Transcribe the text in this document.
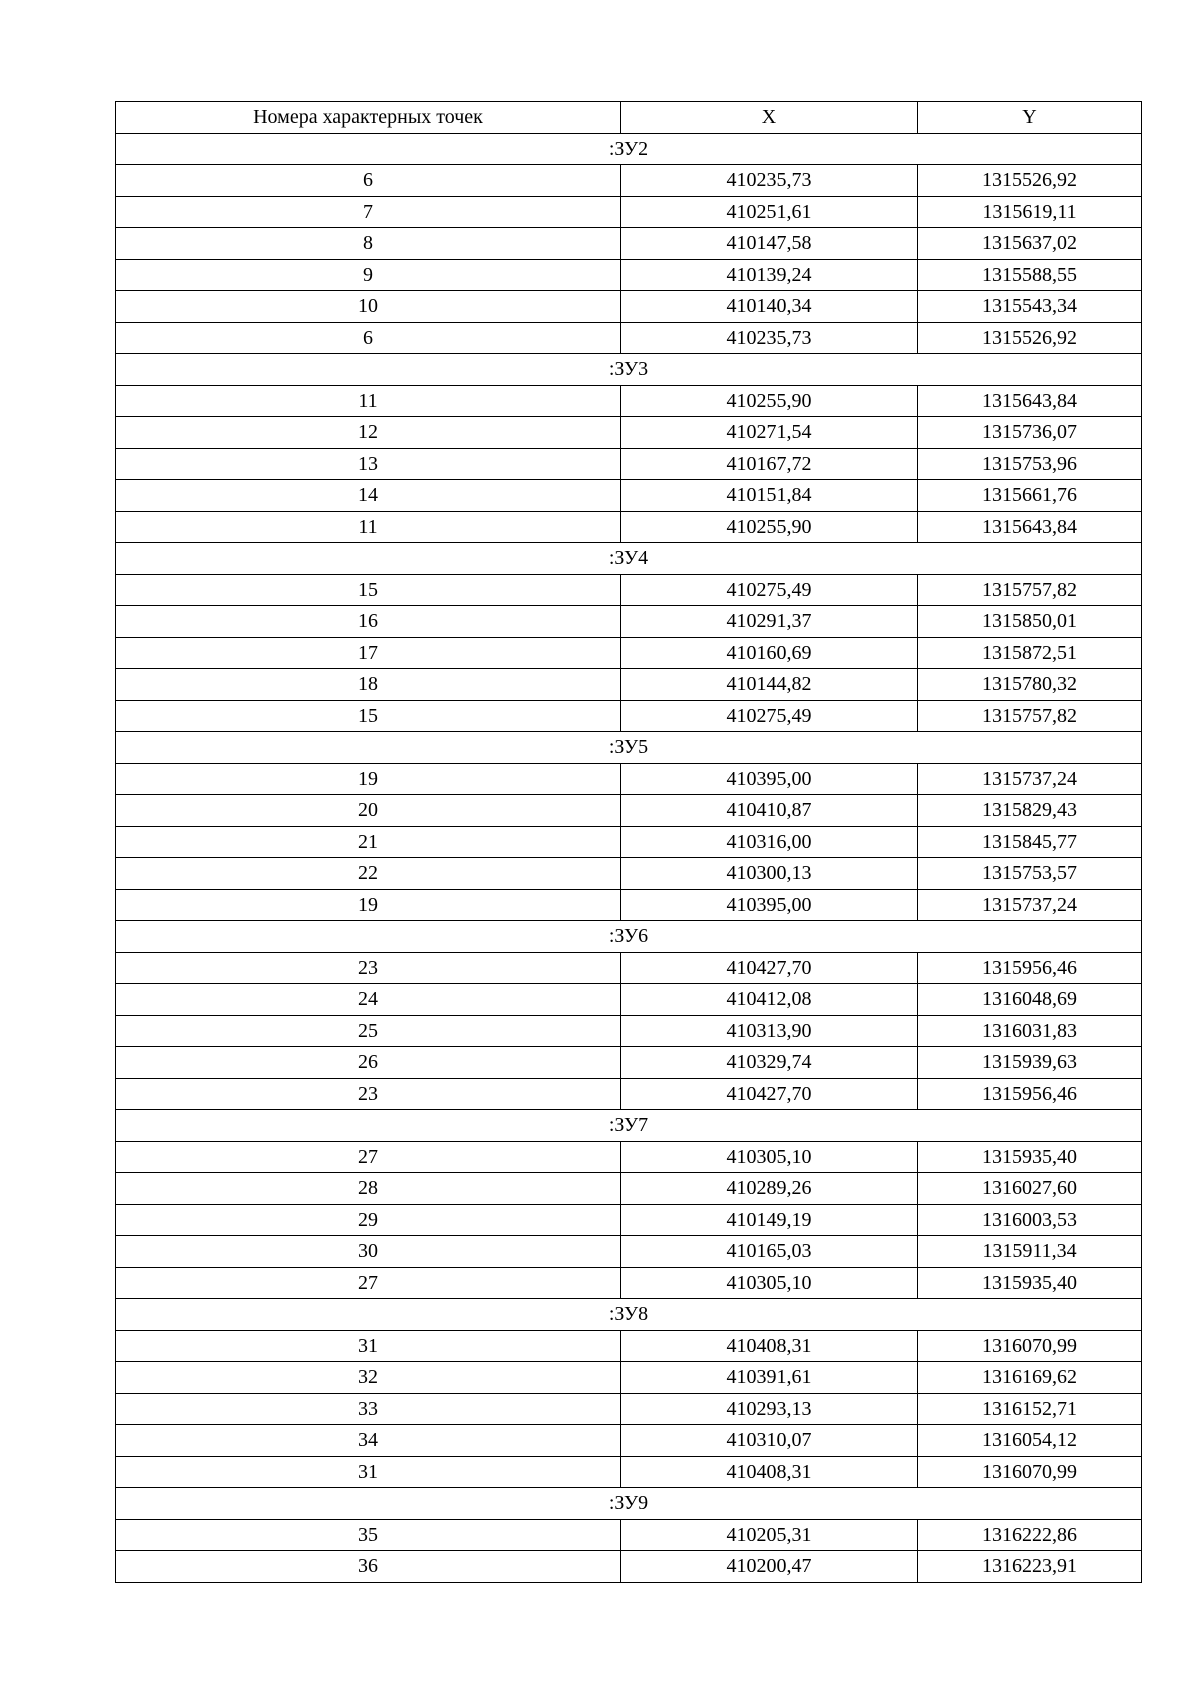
Номера характерных точек	X	Y
:ЗУ2		
6	410235,73	1315526,92
7	410251,61	1315619,11
8	410147,58	1315637,02
9	410139,24	1315588,55
10	410140,34	1315543,34
6	410235,73	1315526,92
:ЗУ3		
11	410255,90	1315643,84
12	410271,54	1315736,07
13	410167,72	1315753,96
14	410151,84	1315661,76
11	410255,90	1315643,84
:ЗУ4		
15	410275,49	1315757,82
16	410291,37	1315850,01
17	410160,69	1315872,51
18	410144,82	1315780,32
15	410275,49	1315757,82
:ЗУ5		
19	410395,00	1315737,24
20	410410,87	1315829,43
21	410316,00	1315845,77
22	410300,13	1315753,57
19	410395,00	1315737,24
:ЗУ6		
23	410427,70	1315956,46
24	410412,08	1316048,69
25	410313,90	1316031,83
26	410329,74	1315939,63
23	410427,70	1315956,46
:ЗУ7		
27	410305,10	1315935,40
28	410289,26	1316027,60
29	410149,19	1316003,53
30	410165,03	1315911,34
27	410305,10	1315935,40
:ЗУ8		
31	410408,31	1316070,99
32	410391,61	1316169,62
33	410293,13	1316152,71
34	410310,07	1316054,12
31	410408,31	1316070,99
:ЗУ9		
35	410205,31	1316222,86
36	410200,47	1316223,91
